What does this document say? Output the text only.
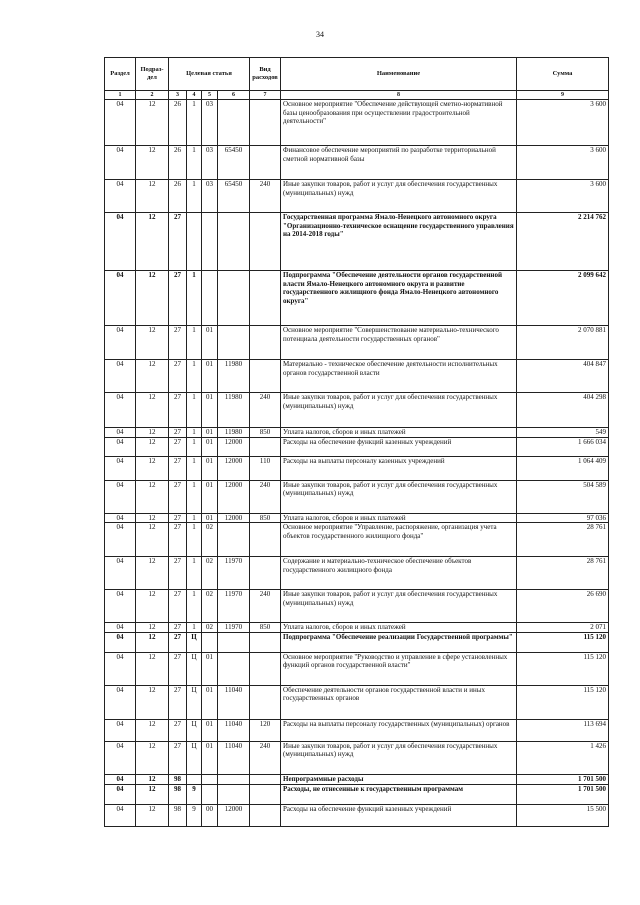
34
Раздел	Подраз-дел	Целевая статья				Вид расходов	Наименование	Сумма
1	2	3	4	5	6	7	8	9
04	12	26	1	03			Основное мероприятие "Обеспечение действующей сметно-нормативной базы ценообразования при осуществлении градостроительной деятельности"	3 600
04	12	26	1	03	65450		Финансовое обеспечение мероприятий по разработке территориальной сметной нормативной базы	3 600
04	12	26	1	03	65450	240	Иные закупки товаров, работ и услуг для обеспечения государственных (муниципальных) нужд	3 600
04	12	27					Государственная программа Ямало-Ненецкого автономного округа "Организационно-техническое оснащение государственного управления на 2014-2018 годы"	2 214 762
04	12	27	1				Подпрограмма "Обеспечение деятельности органов государственной власти Ямало-Ненецкого автономного округа и развитие государственного жилищного фонда Ямало-Ненецкого автономного округа"	2 099 642
04	12	27	1	01			Основное мероприятие "Совершенствование материально-технического потенциала деятельности государственных органов"	2 070 881
04	12	27	1	01	11980		Материально - техническое обеспечение деятельности исполнительных органов государственной власти	404 847
04	12	27	1	01	11980	240	Иные закупки товаров, работ и услуг для обеспечения государственных (муниципальных) нужд	404 298
04	12	27	1	01	11980	850	Уплата налогов, сборов и иных платежей	549
04	12	27	1	01	12000		Расходы на обеспечение функций казенных учреждений	1 666 034
04	12	27	1	01	12000	110	Расходы на выплаты персоналу казенных учреждений	1 064 409
04	12	27	1	01	12000	240	Иные закупки товаров, работ и услуг для обеспечения государственных (муниципальных) нужд	504 589
04	12	27	1	01	12000	850	Уплата налогов, сборов и иных платежей	97 036
04	12	27	1	02			Основное мероприятие "Управление, распоряжение, организация учета объектов государственного жилищного фонда"	28 761
04	12	27	1	02	11970		Содержание и материально-техническое обеспечение объектов государственного жилищного фонда	28 761
04	12	27	1	02	11970	240	Иные закупки товаров, работ и услуг для обеспечения государственных (муниципальных) нужд	26 690
04	12	27	1	02	11970	850	Уплата налогов, сборов и иных платежей	2 071
04	12	27	Ц				Подпрограмма "Обеспечение реализации Государственной программы"	115 120
04	12	27	Ц	01			Основное мероприятие "Руководство и управление в сфере установленных функций органов государственной власти"	115 120
04	12	27	Ц	01	11040		Обеспечение деятельности органов государственной власти и иных государственных органов	115 120
04	12	27	Ц	01	11040	120	Расходы на выплаты персоналу государственных (муниципальных) органов	113 694
04	12	27	Ц	01	11040	240	Иные закупки товаров, работ и услуг для обеспечения государственных (муниципальных) нужд	1 426
04	12	98					Непрограммные расходы	1 701 500
04	12	98	9				Расходы, не отнесенные к государственным программам	1 701 500
04	12	98	9	00	12000		Расходы на обеспечение функций казенных учреждений	15 500
